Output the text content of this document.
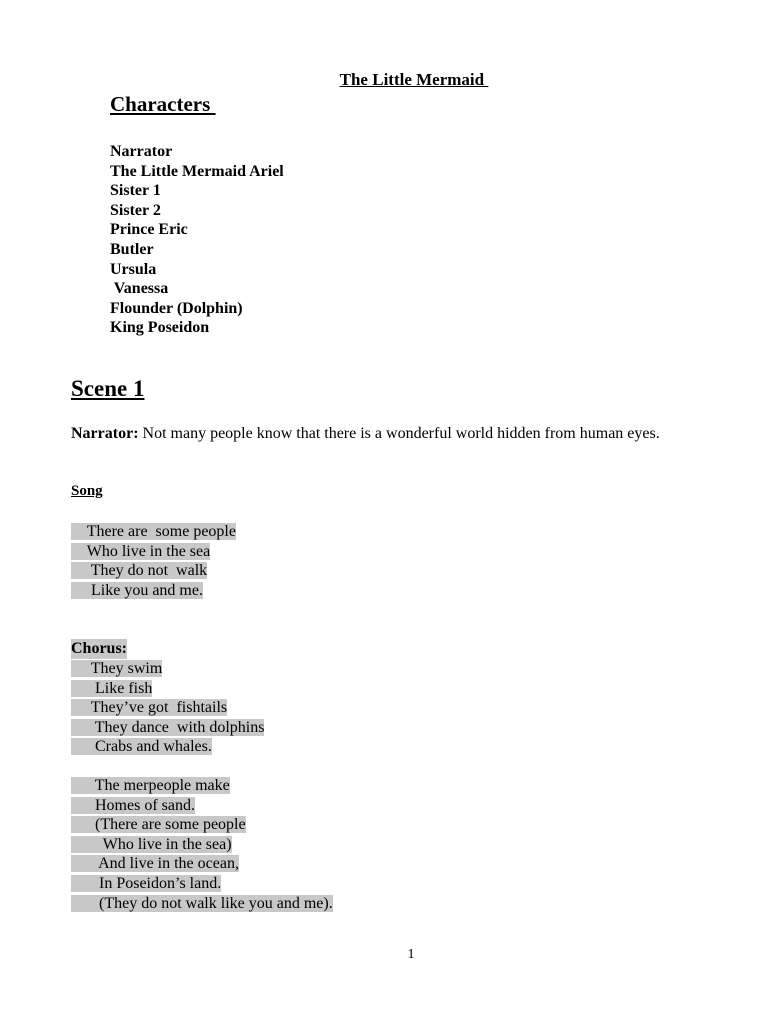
The Little Mermaid
Characters
Narrator
The Little Mermaid Ariel
Sister 1
Sister 2
Prince Eric
Butler
Ursula
Vanessa
Flounder (Dolphin)
King Poseidon
Scene 1
Narrator: Not many people know that there is a wonderful world hidden from human eyes.
Song
There are  some people
Who live in the sea
They do not  walk
Like you and me.
Chorus:
They swim
Like fish
They’ve got  fishtails
They dance  with dolphins
Crabs and whales.
The merpeople make
Homes of sand.
(There are some people
Who live in the sea)
And live in the ocean,
In Poseidon’s land.
(They do not walk like you and me).
1
